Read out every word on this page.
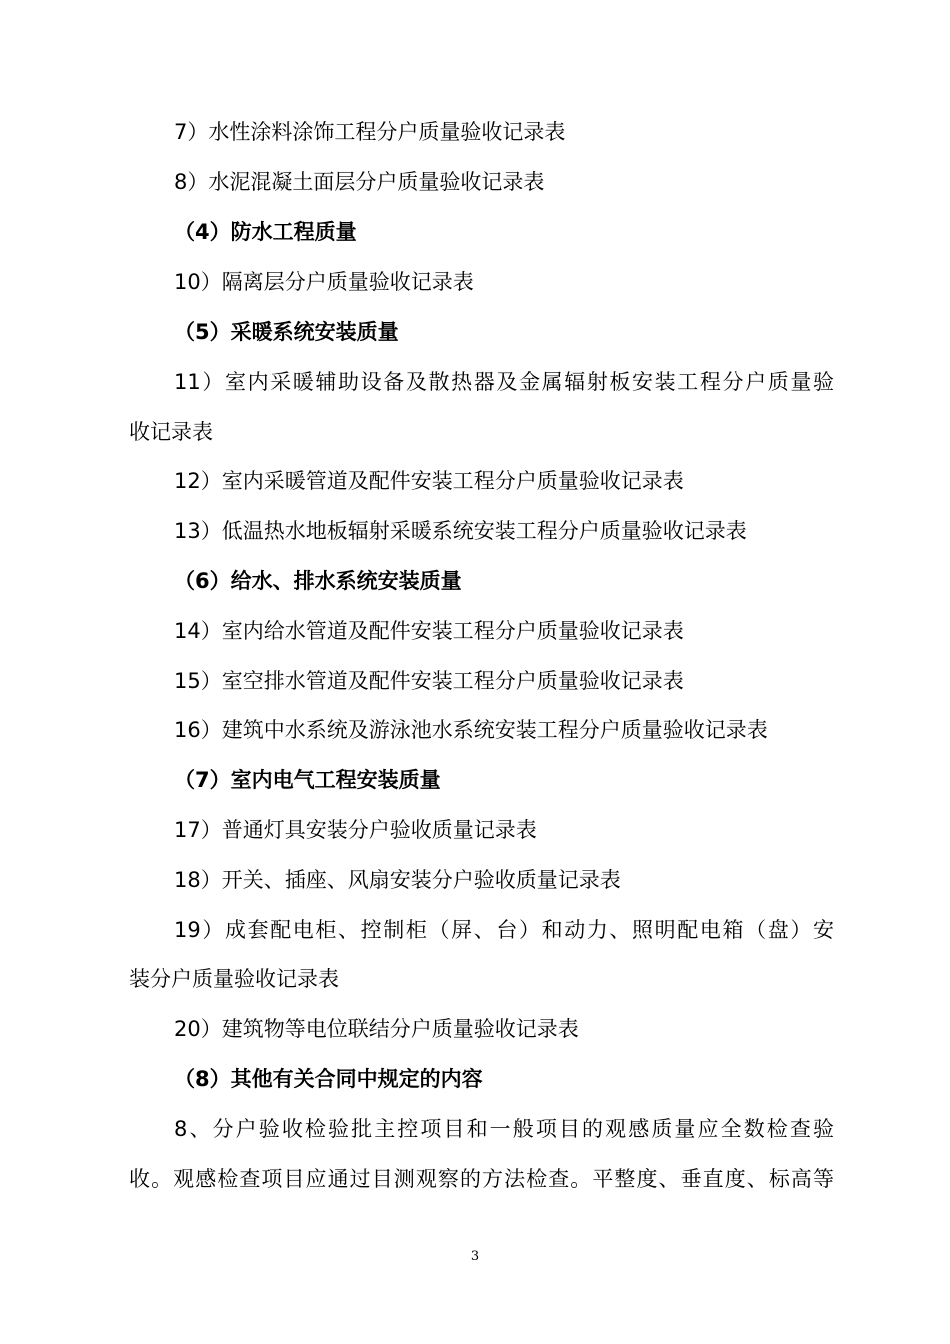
7）水性涂料涂饰工程分户质量验收记录表
8）水泥混凝土面层分户质量验收记录表
（4）防水工程质量
10）隔离层分户质量验收记录表
（5）采暖系统安装质量
11）室内采暖辅助设备及散热器及金属辐射板安装工程分户质量验
收记录表
12）室内采暖管道及配件安装工程分户质量验收记录表
13）低温热水地板辐射采暖系统安装工程分户质量验收记录表
（6）给水、排水系统安装质量
14）室内给水管道及配件安装工程分户质量验收记录表
15）室空排水管道及配件安装工程分户质量验收记录表
16）建筑中水系统及游泳池水系统安装工程分户质量验收记录表
（7）室内电气工程安装质量
17）普通灯具安装分户验收质量记录表
18）开关、插座、风扇安装分户验收质量记录表
19）成套配电柜、控制柜（屏、台）和动力、照明配电箱（盘）安
装分户质量验收记录表
20）建筑物等电位联结分户质量验收记录表
（8）其他有关合同中规定的内容
8、分户验收检验批主控项目和一般项目的观感质量应全数检查验
收。观感检查项目应通过目测观察的方法检查。平整度、垂直度、标高等
3
